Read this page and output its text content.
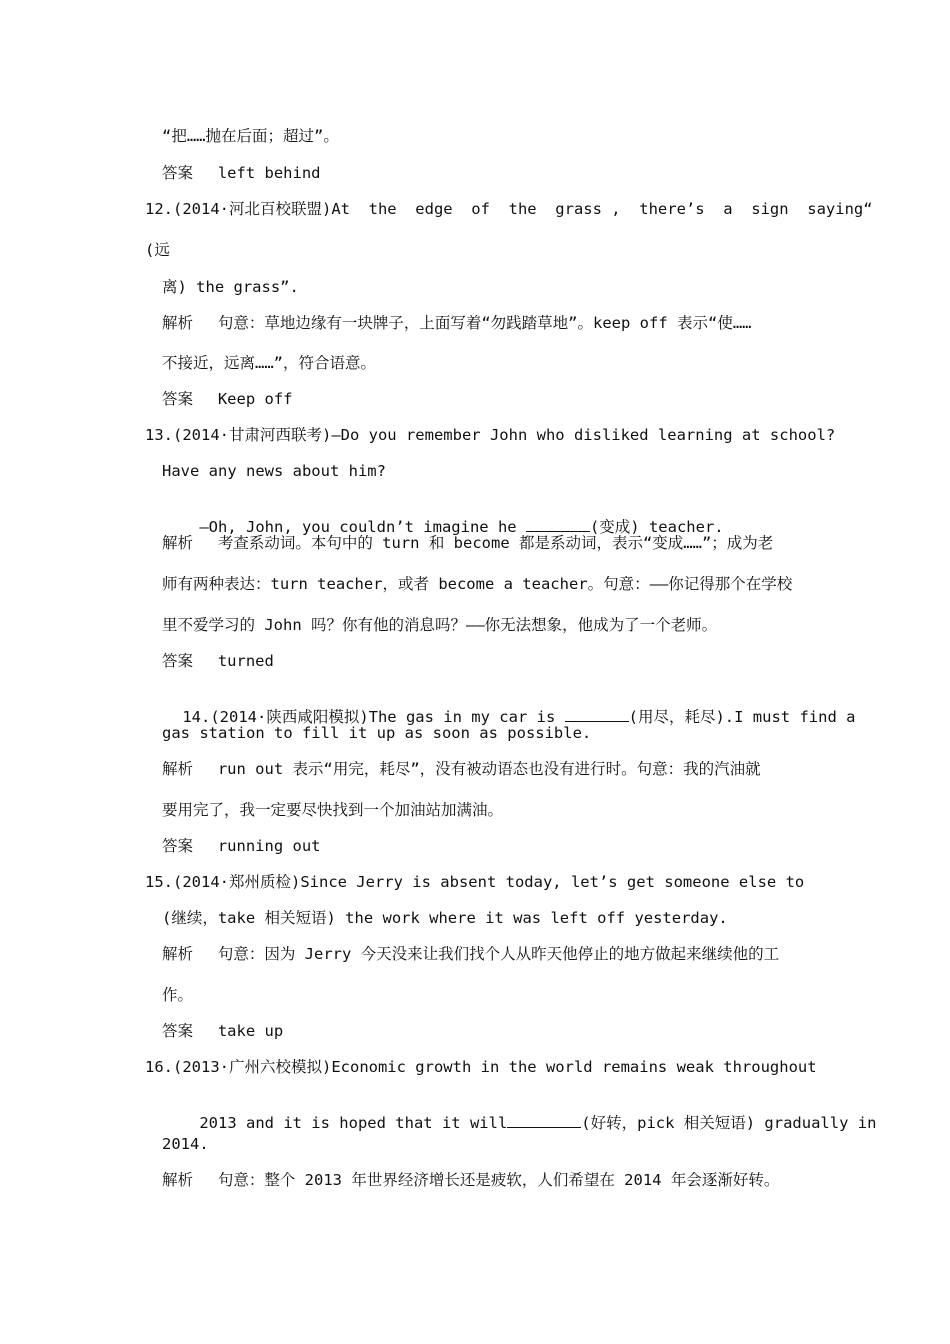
“把……抛在后面；超过”。
答案　 left behind
12.(2014·河北百校联盟)At  the  edge  of  the  grass ,  there’s  a  sign  saying“
(远
离) the grass”.
解析　 句意：草地边缘有一块牌子，上面写着“勿践踏草地”。keep off 表示“使……
不接近，远离……”，符合语意。
答案　 Keep off
13.(2014·甘肃河西联考)—Do you remember John who disliked learning at school?
Have any news about him?

—Oh, John, you couldn’t imagine he	(变成) teacher.

解析　 考查系动词。本句中的 turn 和 become 都是系动词，表示“变成……”；成为老
师有两种表达：turn teacher，或者 become a teacher。句意：——你记得那个在学校
里不爱学习的 John 吗？你有他的消息吗？——你无法想象，他成为了一个老师。
答案　 turned

14.(2014·陕西咸阳模拟)The gas in my car is	(用尽，耗尽).I must find a

gas station to fill it up as soon as possible.
解析　 run out 表示“用完，耗尽”，没有被动语态也没有进行时。句意：我的汽油就
要用完了，我一定要尽快找到一个加油站加满油。
答案　 running out
15.(2014·郑州质检)Since Jerry is absent today, let’s get someone else to
(继续，take 相关短语) the work where it was left off yesterday.
解析　 句意：因为 Jerry 今天没来让我们找个人从昨天他停止的地方做起来继续他的工
作。
答案　 take up
16.(2013·广州六校模拟)Economic growth in the world remains weak throughout

2013 and it is hoped that it will	(好转，pick 相关短语) gradually in

2014.
解析　 句意：整个 2013 年世界经济增长还是疲软，人们希望在 2014 年会逐渐好转。
